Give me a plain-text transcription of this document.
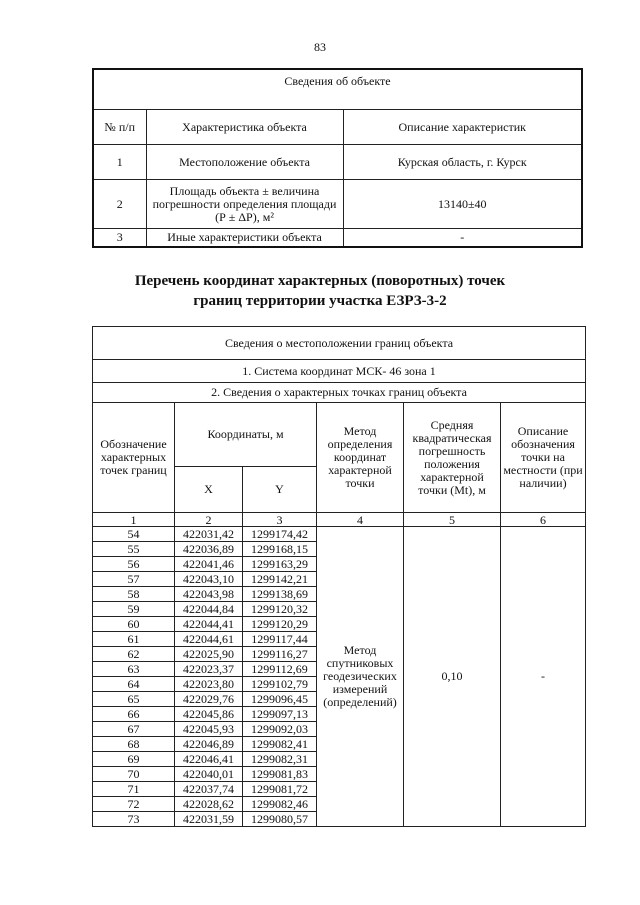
83
Сведения об объекте		
№ п/п	Характеристика объекта	Описание характеристик
1	Местоположение объекта	Курская область, г. Курск
2	Площадь объекта ± величина погрешности определения площади (Р ± ΔР), м²	13140±40
3	Иные характеристики объекта	-
Перечень координат характерных (поворотных) точек
границ территории участка ЕЗРЗ-3-2
Сведения о местоположении границ объекта					
1. Система координат МСК- 46 зона 1					
2. Сведения о характерных точках границ объекта					
Обозначение характерных точек границ	Координаты, м		Метод определения координат характерной точки	Средняя квадратическая погрешность положения характерной точки (Mt), м	Описание обозначения точки на местности (при наличии)
	X	Y			
1	2	3	4	5	6
54	422031,42	1299174,42	Метод спутниковых геодезических измерений (определений)	0,10	-
55	422036,89	1299168,15			
56	422041,46	1299163,29			
57	422043,10	1299142,21			
58	422043,98	1299138,69			
59	422044,84	1299120,32			
60	422044,41	1299120,29			
61	422044,61	1299117,44			
62	422025,90	1299116,27			
63	422023,37	1299112,69			
64	422023,80	1299102,79			
65	422029,76	1299096,45			
66	422045,86	1299097,13			
67	422045,93	1299092,03			
68	422046,89	1299082,41			
69	422046,41	1299082,31			
70	422040,01	1299081,83			
71	422037,74	1299081,72			
72	422028,62	1299082,46			
73	422031,59	1299080,57			
